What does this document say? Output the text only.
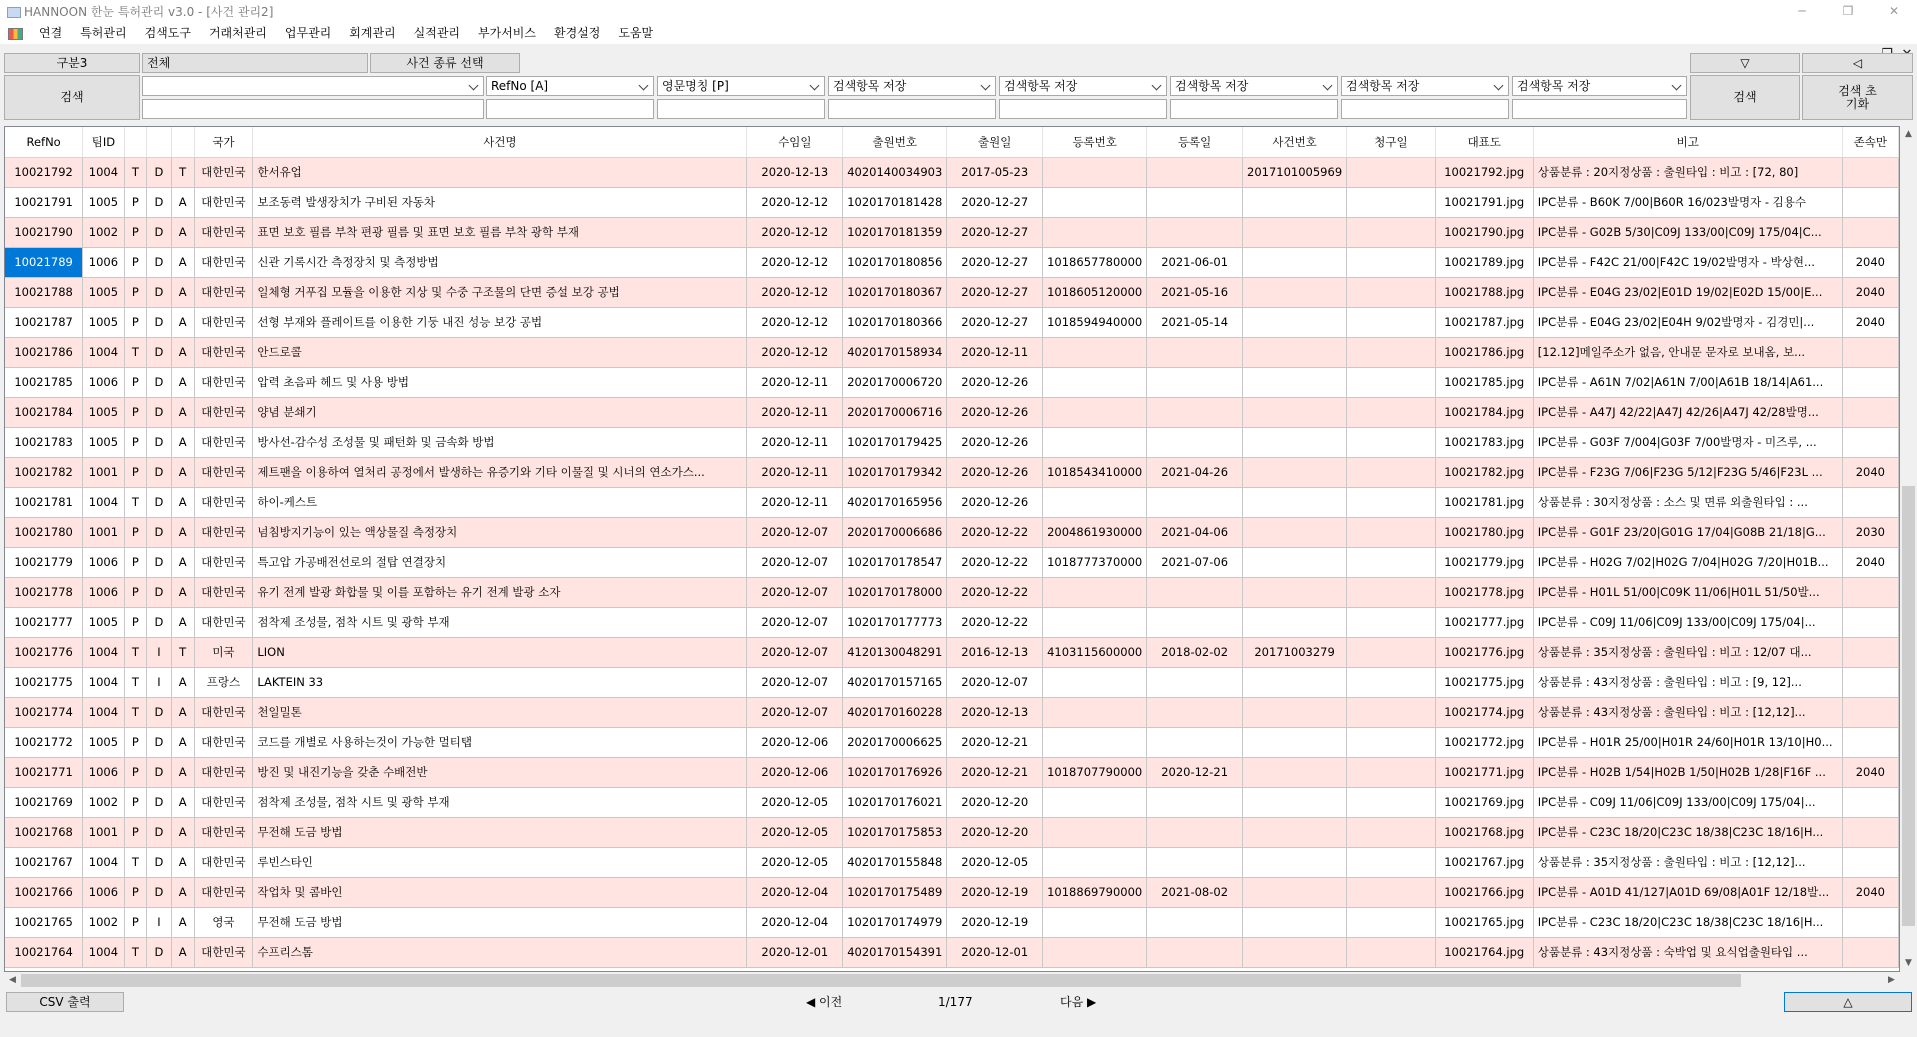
HANNOON 한눈 특허관리 v3.0 - [사건 관리2]	─	❐	✕
연결	특허관리	검색도구	거래처관리	업무관리	회계관리	실적관리	부가서비스	환경설정	도움말
구분3	전체	사건 종류 선택	▽	◁
검색
RefNo [A]	영문명칭 [P]	검색항목 저장	검색항목 저장	검색항목 저장	검색항목 저장	검색항목 저장
검색	검색 초기화
RefNo	팀ID				국가	사건명	수임일	출원번호	출원일	등록번호	등록일	사건번호	청구일	대표도	비고	존속만
10021792	1004	T	D	T	대한민국	한서유업	2020-12-13	4020140034903	2017-05-23			2017101005969		10021792.jpg	상품분류 : 20지정상품 : 출원타입 : 비고 : [72, 80]	
10021791	1005	P	D	A	대한민국	보조동력 발생장치가 구비된 자동차	2020-12-12	1020170181428	2020-12-27					10021791.jpg	IPC분류 - B60K 7/00|B60R 16/023발명자 - 김용수	
10021790	1002	P	D	A	대한민국	표면 보호 필름 부착 편광 필름 및 표면 보호 필름 부착 광학 부재	2020-12-12	1020170181359	2020-12-27					10021790.jpg	IPC분류 - G02B 5/30|C09J 133/00|C09J 175/04|C...	
10021789	1006	P	D	A	대한민국	신관 기록시간 측정장치 및 측정방법	2020-12-12	1020170180856	2020-12-27	1018657780000	2021-06-01			10021789.jpg	IPC분류 - F42C 21/00|F42C 19/02발명자 - 박상현...	2040
10021788	1005	P	D	A	대한민국	일체형 거푸집 모듈을 이용한 지상 및 수중 구조물의 단면 증설 보강 공법	2020-12-12	1020170180367	2020-12-27	1018605120000	2021-05-16			10021788.jpg	IPC분류 - E04G 23/02|E01D 19/02|E02D 15/00|E...	2040
10021787	1005	P	D	A	대한민국	선형 부재와 플레이트를 이용한 기둥 내진 성능 보강 공법	2020-12-12	1020170180366	2020-12-27	1018594940000	2021-05-14			10021787.jpg	IPC분류 - E04G 23/02|E04H 9/02발명자 - 김경민|...	2040
10021786	1004	T	D	A	대한민국	안드로콜	2020-12-12	4020170158934	2020-12-11					10021786.jpg	[12.12]메일주소가 없음, 안내문 문자로 보내옴, 보...	
10021785	1006	P	D	A	대한민국	압력 초음파 헤드 및 사용 방법	2020-12-11	2020170006720	2020-12-26					10021785.jpg	IPC분류 - A61N 7/02|A61N 7/00|A61B 18/14|A61...	
10021784	1005	P	D	A	대한민국	양념 분쇄기	2020-12-11	2020170006716	2020-12-26					10021784.jpg	IPC분류 - A47J 42/22|A47J 42/26|A47J 42/28발명...	
10021783	1005	P	D	A	대한민국	방사선-감수성 조성물 및 패턴화 및 금속화 방법	2020-12-11	1020170179425	2020-12-26					10021783.jpg	IPC분류 - G03F 7/004|G03F 7/00발명자 - 미즈루, ...	
10021782	1001	P	D	A	대한민국	제트팬을 이용하여 열처리 공정에서 발생하는 유증기와 기타 이물질 및 시너의 연소가스...	2020-12-11	1020170179342	2020-12-26	1018543410000	2021-04-26			10021782.jpg	IPC분류 - F23G 7/06|F23G 5/12|F23G 5/46|F23L ...	2040
10021781	1004	T	D	A	대한민국	하이-케스트	2020-12-11	4020170165956	2020-12-26					10021781.jpg	상품분류 : 30지정상품 : 소스 및 면류 외출원타입 : ...	
10021780	1001	P	D	A	대한민국	넘침방지기능이 있는 액상물질 측정장치	2020-12-07	2020170006686	2020-12-22	2004861930000	2021-04-06			10021780.jpg	IPC분류 - G01F 23/20|G01G 17/04|G08B 21/18|G...	2030
10021779	1006	P	D	A	대한민국	특고압 가공배전선로의 절탑 연결장치	2020-12-07	1020170178547	2020-12-22	1018777370000	2021-07-06			10021779.jpg	IPC분류 - H02G 7/02|H02G 7/04|H02G 7/20|H01B...	2040
10021778	1006	P	D	A	대한민국	유기 전계 발광 화합물 및 이를 포함하는 유기 전계 발광 소자	2020-12-07	1020170178000	2020-12-22					10021778.jpg	IPC분류 - H01L 51/00|C09K 11/06|H01L 51/50발...	
10021777	1005	P	D	A	대한민국	점착제 조성물, 점착 시트 및 광학 부재	2020-12-07	1020170177773	2020-12-22					10021777.jpg	IPC분류 - C09J 11/06|C09J 133/00|C09J 175/04|...	
10021776	1004	T	I	T	미국	LION	2020-12-07	4120130048291	2016-12-13	4103115600000	2018-02-02	20171003279		10021776.jpg	상품분류 : 35지정상품 : 출원타입 : 비고 : 12/07 대...	
10021775	1004	T	I	A	프랑스	LAKTEIN 33	2020-12-07	4020170157165	2020-12-07					10021775.jpg	상품분류 : 43지정상품 : 출원타입 : 비고 : [9, 12]...	
10021774	1004	T	D	A	대한민국	천일밀톤	2020-12-07	4020170160228	2020-12-13					10021774.jpg	상품분류 : 43지정상품 : 출원타입 : 비고 : [12,12]...	
10021772	1005	P	D	A	대한민국	코드를 개별로 사용하는것이 가능한 멀티탭	2020-12-06	2020170006625	2020-12-21					10021772.jpg	IPC분류 - H01R 25/00|H01R 24/60|H01R 13/10|H0...	
10021771	1006	P	D	A	대한민국	방진 및 내진기능을 갖춘 수배전반	2020-12-06	1020170176926	2020-12-21	1018707790000	2020-12-21			10021771.jpg	IPC분류 - H02B 1/54|H02B 1/50|H02B 1/28|F16F ...	2040
10021769	1002	P	D	A	대한민국	점착제 조성물, 점착 시트 및 광학 부재	2020-12-05	1020170176021	2020-12-20					10021769.jpg	IPC분류 - C09J 11/06|C09J 133/00|C09J 175/04|...	
10021768	1001	P	D	A	대한민국	무전해 도금 방법	2020-12-05	1020170175853	2020-12-20					10021768.jpg	IPC분류 - C23C 18/20|C23C 18/38|C23C 18/16|H...	
10021767	1004	T	D	A	대한민국	루빈스타인	2020-12-05	4020170155848	2020-12-05					10021767.jpg	상품분류 : 35지정상품 : 출원타입 : 비고 : [12,12]...	
10021766	1006	P	D	A	대한민국	작업차 및 콤바인	2020-12-04	1020170175489	2020-12-19	1018869790000	2021-08-02			10021766.jpg	IPC분류 - A01D 41/127|A01D 69/08|A01F 12/18발...	2040
10021765	1002	P	I	A	영국	무전해 도금 방법	2020-12-04	1020170174979	2020-12-19					10021765.jpg	IPC분류 - C23C 18/20|C23C 18/38|C23C 18/16|H...	
10021764	1004	T	D	A	대한민국	수프리스톰	2020-12-01	4020170154391	2020-12-01					10021764.jpg	상품분류 : 43지정상품 : 숙박업 및 요식업출원타입 ...	
▲
▼
◀	▶
CSV 출력	◀ 이전	1/177	다음 ▶	△
